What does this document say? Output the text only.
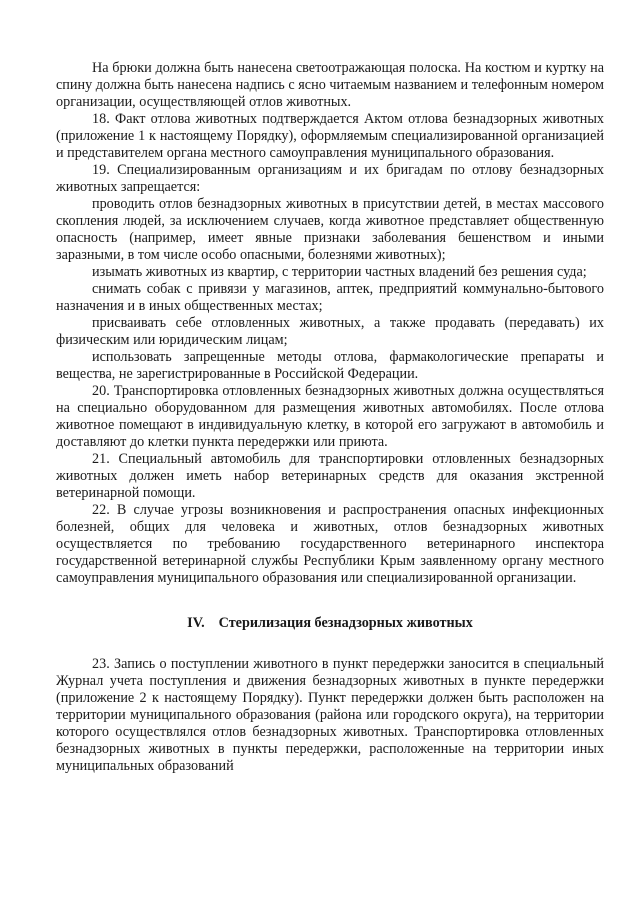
На брюки должна быть нанесена светоотражающая полоска. На костюм и куртку на спину должна быть нанесена надпись с ясно читаемым названием и телефонным номером организации, осуществляющей отлов животных.

18. Факт отлова животных подтверждается Актом отлова безнадзорных животных (приложение 1 к настоящему Порядку), оформляемым специализированной организацией и представителем органа местного самоуправления муниципального образования.

19. Специализированным организациям и их бригадам по отлову безнадзорных животных запрещается:

проводить отлов безнадзорных животных в присутствии детей, в местах массового скопления людей, за исключением случаев, когда животное представляет общественную опасность (например, имеет явные признаки заболевания бешенством и иными заразными, в том числе особо опасными, болезнями животных);

изымать животных из квартир, с территории частных владений без решения суда;

снимать собак с привязи у магазинов, аптек, предприятий коммунально-бытового назначения и в иных общественных местах;

присваивать себе отловленных животных, а также продавать (передавать) их физическим или юридическим лицам;

использовать запрещенные методы отлова, фармакологические препараты и вещества, не зарегистрированные в Российской Федерации.

20. Транспортировка отловленных безнадзорных животных должна осуществляться на специально оборудованном для размещения животных автомобилях. После отлова животное помещают в индивидуальную клетку, в которой его загружают в автомобиль и доставляют до клетки пункта передержки или приюта.

21. Специальный автомобиль для транспортировки отловленных безнадзорных животных должен иметь набор ветеринарных средств для оказания экстренной ветеринарной помощи.

22. В случае угрозы возникновения и распространения опасных инфекционных болезней, общих для человека и животных, отлов безнадзорных животных осуществляется по требованию государственного ветеринарного инспектора государственной ветеринарной службы Республики Крым заявленному органу местного самоуправления муниципального образования или специализированной организации.

IV. Стерилизация безнадзорных животных

23. Запись о поступлении животного в пункт передержки заносится в специальный Журнал учета поступления и движения безнадзорных животных в пункте передержки (приложение 2 к настоящему Порядку). Пункт передержки должен быть расположен на территории муниципального образования (района или городского округа), на территории которого осуществлялся отлов безнадзорных животных. Транспортировка отловленных безнадзорных животных в пункты передержки, расположенные на территории иных муниципальных образований
